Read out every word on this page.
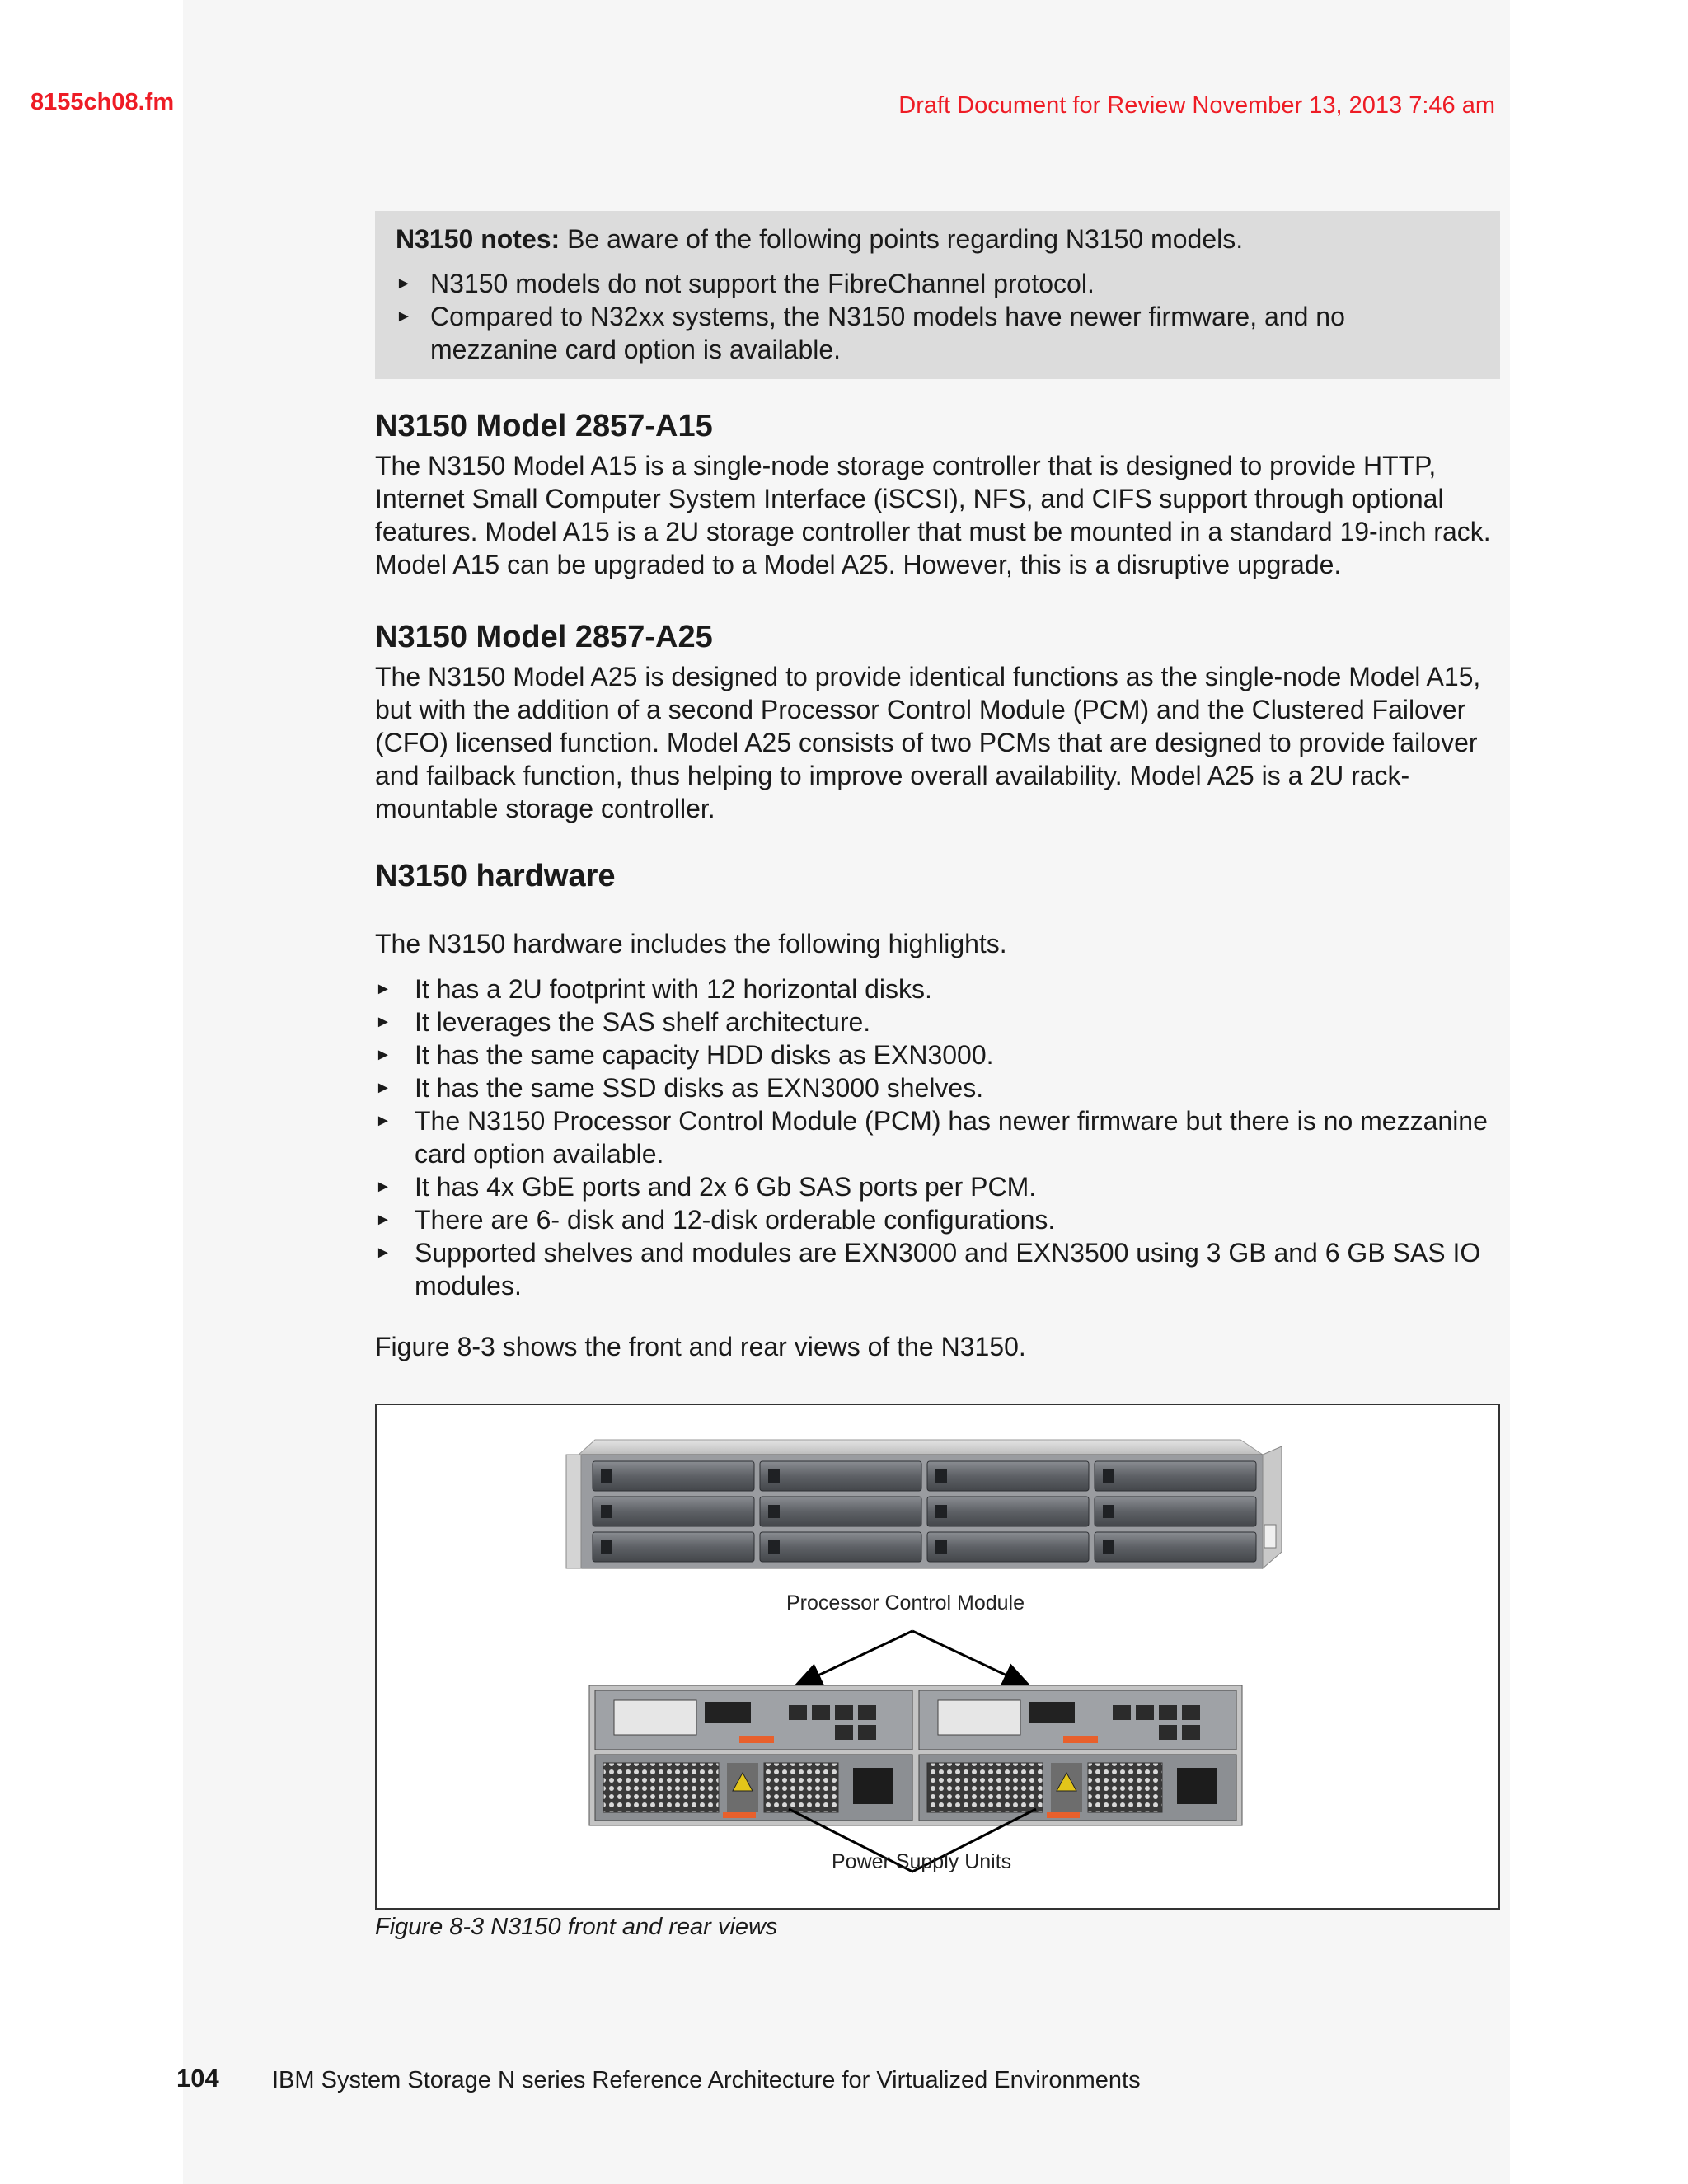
8155ch08.fm	Draft Document for Review November 13, 2013 7:46 am

N3150 notes: Be aware of the following points regarding N3150 models.

► N3150 models do not support the FibreChannel protocol.
► Compared to N32xx systems, the N3150 models have newer firmware, and no mezzanine card option is available.
N3150 Model 2857-A15

The N3150 Model A15 is a single-node storage controller that is designed to provide HTTP, Internet Small Computer System Interface (iSCSI), NFS, and CIFS support through optional features. Model A15 is a 2U storage controller that must be mounted in a standard 19-inch rack. Model A15 can be upgraded to a Model A25. However, this is a disruptive upgrade.

N3150 Model 2857-A25

The N3150 Model A25 is designed to provide identical functions as the single-node Model A15, but with the addition of a second Processor Control Module (PCM) and the Clustered Failover (CFO) licensed function. Model A25 consists of two PCMs that are designed to provide failover and failback function, thus helping to improve overall availability. Model A25 is a 2U rack-mountable storage controller.

N3150 hardware

The N3150 hardware includes the following highlights.

► It has a 2U footprint with 12 horizontal disks.
► It leverages the SAS shelf architecture.
► It has the same capacity HDD disks as EXN3000.
► It has the same SSD disks as EXN3000 shelves.
► The N3150 Processor Control Module (PCM) has newer firmware but there is no mezzanine card option available.
► It has 4x GbE ports and 2x 6 Gb SAS ports per PCM.
► There are 6- disk and 12-disk orderable configurations.
► Supported shelves and modules are EXN3000 and EXN3500 using 3 GB and 6 GB SAS IO modules.

Figure 8-3 shows the front and rear views of the N3150.

Processor Control Module
Power Supply Units
Figure 8-3 N3150 front and rear views
104 IBM System Storage N series Reference Architecture for Virtualized Environments
